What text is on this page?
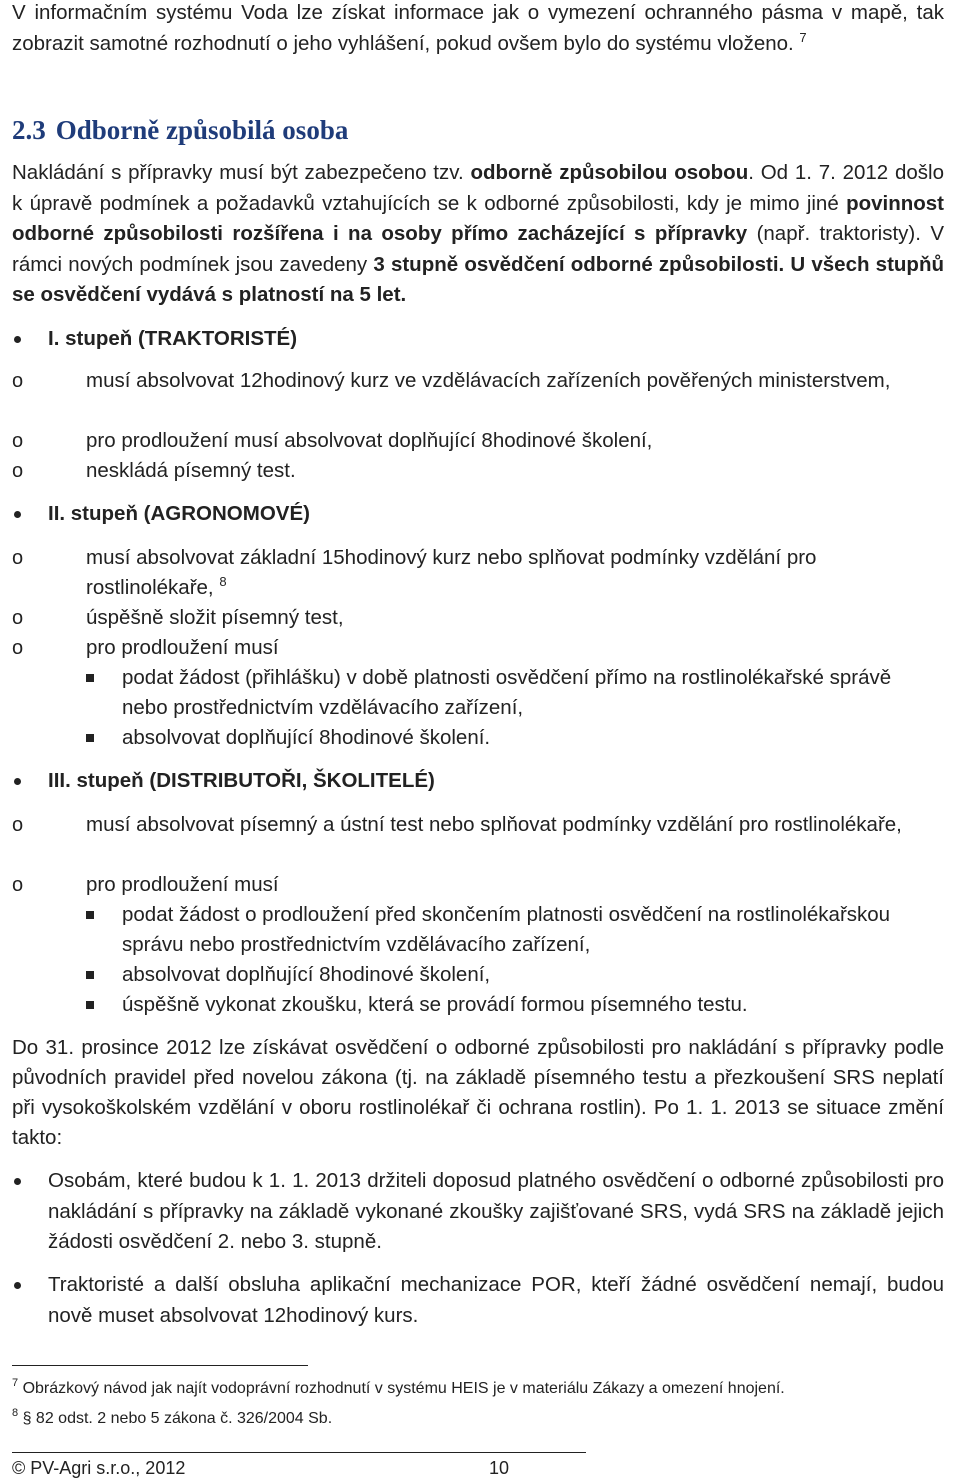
V informačním systému Voda lze získat informace jak o vymezení ochranného pásma v mapě, tak zobrazit samotné rozhodnutí o jeho vyhlášení, pokud ovšem bylo do systému vloženo. $^7$

2.3 Odborně způsobilá osoba

Nakládání s přípravky musí být zabezpečeno tzv. odborně způsobilou osobou. Od 1. 7. 2012 došlo k úpravě podmínek a požadavků vztahujících se k odborné způsobilosti, kdy je mimo jiné povinnost odborné způsobilosti rozšířena i na osoby přímo zacházející s přípravky (např. traktoristy). V rámci nových podmínek jsou zavedeny 3 stupně osvědčení odborné způsobilosti. U všech stupňů se osvědčení vydává s platností na 5 let.

I. stupeň (TRAKTORISTÉ)
o	musí absolvovat 12hodinový kurz ve vzdělávacích zařízeních pověřených ministerstvem,
o	pro prodloužení musí absolvovat doplňující 8hodinové školení,
o	neskládá písemný test.
II. stupeň (AGRONOMOVÉ)
o	musí absolvovat základní 15hodinový kurz nebo splňovat podmínky vzdělání pro rostlinolékaře, $^8$
o	úspěšně složit písemný test,
o	pro prodloužení musí
podat žádost (přihlášku) v době platnosti osvědčení přímo na rostlinolékařské správě nebo prostřednictvím vzdělávacího zařízení,
absolvovat doplňující 8hodinové školení.
III. stupeň (DISTRIBUTOŘI, ŠKOLITELÉ)
o	musí absolvovat písemný a ústní test nebo splňovat podmínky vzdělání pro rostlinolékaře,
o	pro prodloužení musí
podat žádost o prodloužení před skončením platnosti osvědčení na rostlinolékařskou správu nebo prostřednictvím vzdělávacího zařízení,
absolvovat doplňující 8hodinové školení,
úspěšně vykonat zkoušku, která se provádí formou písemného testu.

Do 31. prosince 2012 lze získávat osvědčení o odborné způsobilosti pro nakládání s přípravky podle původních pravidel před novelou zákona (tj. na základě písemného testu a přezkoušení SRS neplatí při vysokoškolském vzdělání v oboru rostlinolékař či ochrana rostlin). Po 1. 1. 2013 se situace změní takto:

Osobám, které budou k 1. 1. 2013 držiteli doposud platného osvědčení o odborné způsobilosti pro nakládání s přípravky na základě vykonané zkoušky zajišťované SRS, vydá SRS na základě jejich žádosti osvědčení 2. nebo 3. stupně.
Traktoristé a další obsluha aplikační mechanizace POR, kteří žádné osvědčení nemají, budou nově muset absolvovat 12hodinový kurs.
$^7$ Obrázkový návod jak najít vodoprávní rozhodnutí v systému HEIS je v materiálu Zákazy a omezení hnojení.
$^8$ § 82 odst. 2 nebo 5 zákona č. 326/2004 Sb.
© PV-Agri s.r.o., 2012	10
